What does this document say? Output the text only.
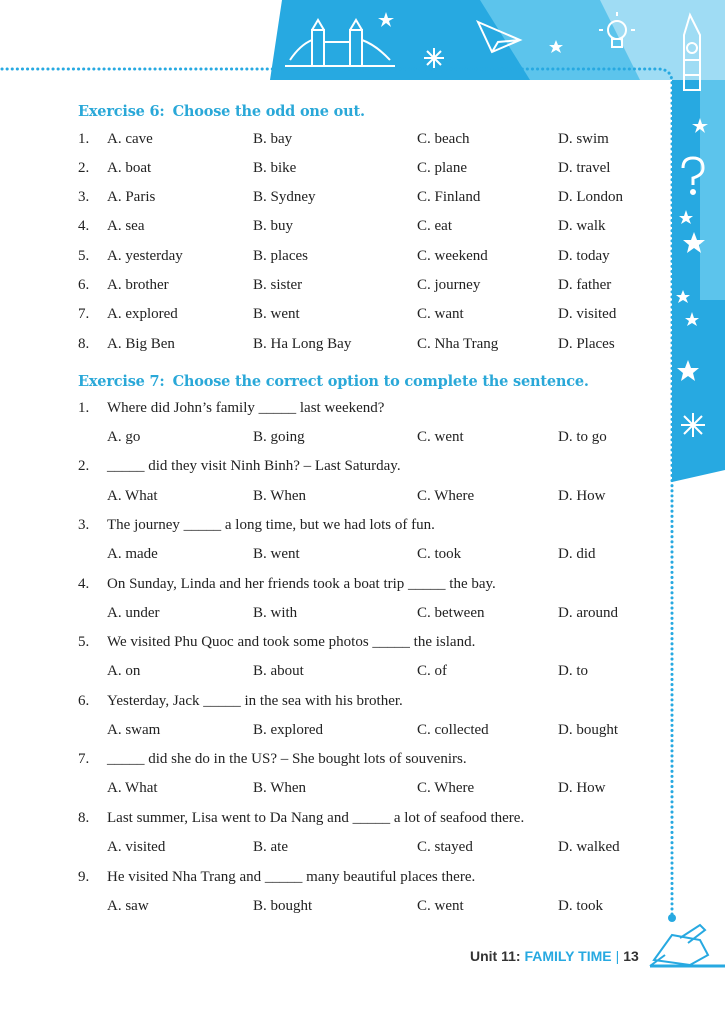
Exercise 6: Choose the odd one out.
1. A. cave	B. bay	C. beach	D. swim
2. A. boat	B. bike	C. plane	D. travel
3. A. Paris	B. Sydney	C. Finland	D. London
4. A. sea	B. buy	C. eat	D. walk
5. A. yesterday	B. places	C. weekend	D. today
6. A. brother	B. sister	C. journey	D. father
7. A. explored	B. went	C. want	D. visited
8. A. Big Ben	B. Ha Long Bay	C. Nha Trang	D. Places
Exercise 7: Choose the correct option to complete the sentence.
1. Where did John’s family _____ last weekend?
A. go	B. going	C. went	D. to go
2. _____ did they visit Ninh Binh? – Last Saturday.
A. What	B. When	C. Where	D. How
3. The journey _____ a long time, but we had lots of fun.
A. made	B. went	C. took	D. did
4. On Sunday, Linda and her friends took a boat trip _____ the bay.
A. under	B. with	C. between	D. around
5. We visited Phu Quoc and took some photos _____ the island.
A. on	B. about	C. of	D. to
6. Yesterday, Jack _____ in the sea with his brother.
A. swam	B. explored	C. collected	D. bought
7. _____ did she do in the US? – She bought lots of souvenirs.
A. What	B. When	C. Where	D. How
8. Last summer, Lisa went to Da Nang and _____ a lot of seafood there.
A. visited	B. ate	C. stayed	D. walked
9. He visited Nha Trang and _____ many beautiful places there.
A. saw	B. bought	C. went	D. took
Unit 11: FAMILY TIME | 13
